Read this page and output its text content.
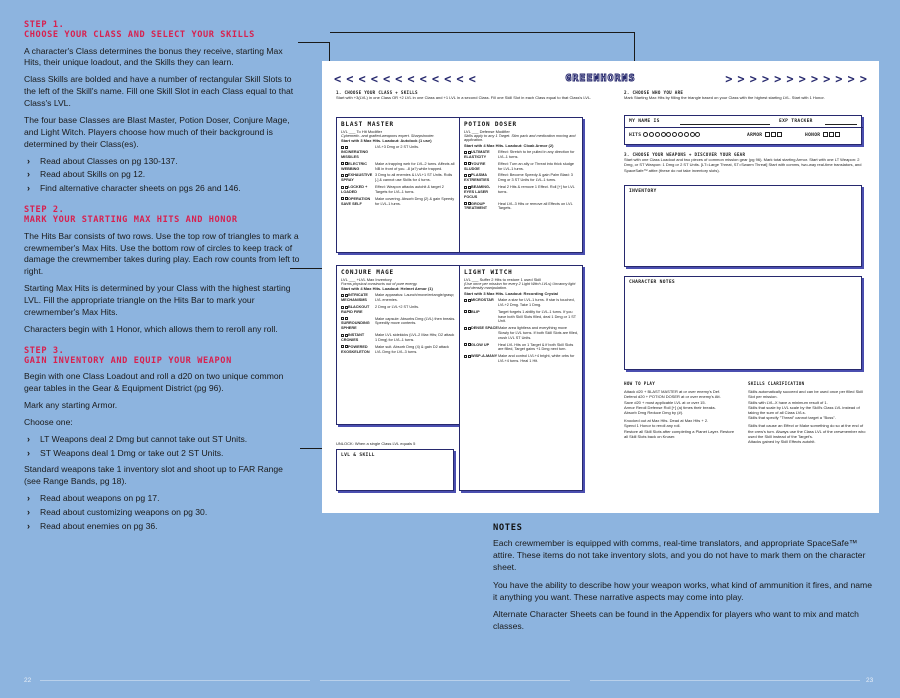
STEP 1.
CHOOSE YOUR CLASS AND SELECT YOUR SKILLS

A character's Class determines the bonus they receive, starting Max Hits, their unique loadout, and the Skills they can learn.

Class Skills are bolded and have a number of rectangular Skill Slots to the left of the Skill's name. Fill one Skill Slot in each Class equal to that Class's LVL.

The four base Classes are Blast Master, Potion Doser, Conjure Mage, and Light Witch. Players choose how much of their background is determined by their Class(es).

› Read about Classes on pg 130-137.
› Read about Skills on pg 12.
› Find alternative character sheets on pgs 26 and 146.
STEP 2.
MARK YOUR STARTING MAX HITS AND HONOR

The Hits Bar consists of two rows. Use the top row of triangles to mark a crewmember's Max Hits. Use the bottom row of circles to keep track of damage the crewmember takes during play. Each row counts from left to right.

Starting Max Hits is determined by your Class with the highest starting LVL. Fill the appropriate triangle on the Hits Bar to mark your crewmember's Max Hits.

Characters begin with 1 Honor, which allows them to reroll any roll.

STEP 3.
GAIN INVENTORY AND EQUIP YOUR WEAPON

Begin with one Class Loadout and roll a d20 on two unique common gear tables in the Gear & Equipment District (pg 96).

Mark any starting Armor.

Choose one:

› LT Weapons deal 2 Dmg but cannot take out ST Units.
› ST Weapons deal 1 Dmg or take out 2 ST Units.

Standard weapons take 1 inventory slot and shoot up to FAR Range (see Range Bands, pg 18).

› Read about weapons on pg 17.
› Read about customizing weapons on pg 30.
› Read about enemies on pg 36.
< < < < < < < < < < < <	GREENHORNS	> > > > > > > > > > > >
1. CHOOSE YOUR CLASS + SKILLS
Start with +3(LVL) in one Class OR +2 LVL in one Class and +1 LVL in a second Class. Fill one Skill Slot in each Class equal to that Class's LVL.
BLAST MASTER
LVL ___ To Hit Modifier
Cybernetic- and grafted-weapons expert. Sharpshooter.
Start with 3 Max Hits. Loadout: Autolock (1 use)
INCINERATING MISSILES
LVL+3 Dmg or 2 ST Units.
ELECTRIC WEBBING
Make a trapping web for LVL-2 turns. Affects all NB in front of you. -8 (a?) while trapped.
EXHAUSTIVE SPRAY
3 Dmg to all enemies & LVL+1 ST Units. Rolls [-] & cannot use Skills for 4 turns.
LOCKED + LOADED
Effect: Weapon attacks autohit & target 2 Targets for LVL-1 turns.
OPERATION SAVE SELF
Make covering. Absorb Dmg (2) & gain Speedy for LVL-1 turns.
POTION DOSER
LVL ___ Defense Modifier
Skills apply to any 1 Target. Stim pack and medication moving and application.
Start with 4 Max Hits. Loadout: Cloak Armor (2)
ULTIMATE ELASTICITY
Effect: Stretch to be pulled in any direction for LVL-1 turns.
YOU'RE SLUDGE
Effect: Turn an ally or Threat into thick sludge for LVL-1 turns.
PLASMA EXTREMITIES
Effect: Become Speedy & gain Palm Blast: 3 Dmg or 3 ST Units for LVL-1 turns.
BEAMING-EYES LASER FOCUS
Heal 2 Hits & remove 1 Effect. Roll [+] for LVL turns.
GROUP TREATMENT
Heal LVL-3 Hits or remove all Effects on LVL Targets.
CONJURE MAGE
LVL ___ +LVL Max Inventory
Forms physical constructs out of pure energy.
Start with 4 Max Hits. Loadout: Helmet Armor (1)
INTRICATE MECHANISMS
Make apparatus: Launch/move/entangle/grasp; LVL enemies.
BLACKOUT RAPID FIRE
2 Dmg or LVL+2 ST Units.
SURROUNDING SPHERE
Make capsule: Absorbs Dmg (LVL) then breaks. Speedily move contents.
INSTANT CRONIES
Make LVL sidekicks (LVL-2 Max Hits; D2 attack 1 Dmg) for LVL-1 turns.
POWERED EXOSKELETON
Make suit. Absorb Dmg (4) & gain D2 attack LVL Dmg for LVL-3 turns.
LIGHT WITCH
LVL ___ Suffer 2 Hits to restore 1 used Skill
(Use once per mission for every 2 Light Witch LVLs) Uncanny light and density manipulation.
Start with 3 Max Hits. Loadout: Recording Crystal
MICROSTAR	Make a star for LVL-1 turns. If star is touched, LVL+2 Dmg. Take 1 Dmg.
BLIP	Target forgets 1 ability for LVL-1 turns. If you have both Skill Slots filled, deal 1 Dmg or 1 ST Unit.
DENSE SPACE Make area lightless and everything move Slowly for LVL turns. If both Skill Slots are filled, crush LVL ST Units.
GLOW UP	Heal LVL Hits on 1 Target & if both Skill Slots are filled, Target gains +1 Dmg next turn.
WISP-A-MANY Make and control LVL+4 bright, white orbs for LVL+4 turns. Heal 1 Hit.
UNLOCK: When a single Class LVL equals 5
LVL & SKILL
2. CHOOSE WHO YOU ARE
Mark Starting Max Hits by filling the triangle based on your Class with the highest starting LVL. Start with 1 Honor.
MY NAME IS	EXP TRACKER
HITS	ARMOR	HONOR
3. CHOOSE YOUR WEAPONS + DISCOVER YOUR GEAR
Start with one Class Loadout and two pieces of common mission gear (pg 96). Mark total starting Armor. Start with one LT Weapon: 2 Dmg, or ST Weapon: 1 Dmg or 2 ST Units. [LT=Large Threat, ST=Swarm Threat] Start with comms, two-way real-time translators, and SpaceSafe™ attire (these do not take inventory slots).
INVENTORY
CHARACTER NOTES
HOW TO PLAY
Attack d20 + BLAST MASTER at or over enemy's Def.
Defend d20 + POTION DOSER at or over enemy's Att.
Save d20 + most applicable LVL at or over 15.
Armor Reroll Defense Roll [+] (a) times their breaks.
Absorb Dmg Reduce Dmg by (#).
Knocked out at Max Hits. Dead at Max Hits + 2.
Spend 1 Honor to reroll any roll.
Restore all Skill Slots after completing a Planet Layer. Restore all Skill Slots back on Kruser.
SKILLS CLARIFICATION
Skills automatically succeed and can be used once per filled Skill Slot per mission.
Skills with LVL-X have a minimum result of 1.
Skills that scale by LVL scale by the Skill's Class LVL instead of taking the sum of all Class LVLs.
Skills that specify "Threat" cannot target a "Boss".
Skills that cause an Effect or Make something do so at the end of the crew's turn. Always use the Class LVL of the crewmember who used the Skill instead of the Target's.
Attacks gained by Skill Effects autohit.
NOTES

Each crewmember is equipped with comms, real-time translators, and appropriate SpaceSafe™ attire. These items do not take inventory slots, and you do not have to mark them on the character sheet.

You have the ability to describe how your weapon works, what kind of ammunition it fires, and name it anything you want. These narrative aspects may come into play.

Alternate Character Sheets can be found in the Appendix for players who want to mix and match classes.

22	23
